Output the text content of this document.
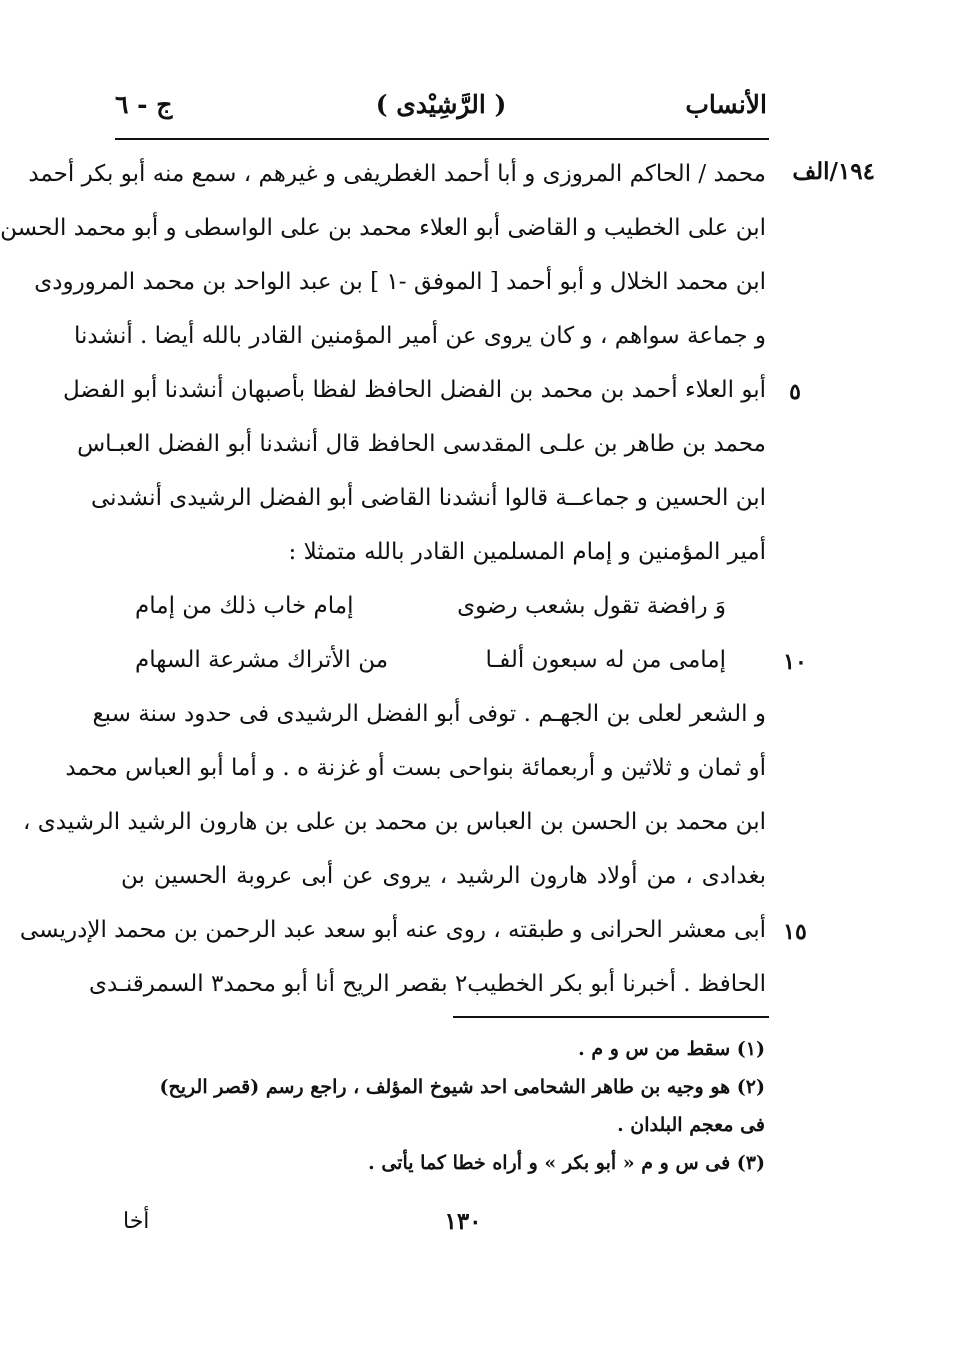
الأنساب
( الرَّشِيْدى )
ج - ٦
١٩٤/الف
محمد / الحاكم المروزى و أبا أحمد الغطريفى و غيرهم ، سمع منه أبو بكر أحمد
ابن على الخطيب و القاضى أبو العلاء محمد بن على الواسطى و أبو محمد الحسن
ابن محمد الخلال و أبو أحمد [ الموفق -١ ] بن عبد الواحد بن محمد المرورودى
و جماعة سواهم ، و كان يروى عن أمير المؤمنين القادر بالله أيضا . أنشدنا
أبو العلاء أحمد بن محمد بن الفضل الحافظ لفظا بأصبهان أنشدنا أبو الفضل
محمد بن طاهر بن علـى المقدسى الحافظ قال أنشدنا أبو الفضل العبـاس
ابن الحسين و جماعــة قالوا أنشدنا القاضى أبو الفضل الرشيدى أنشدنى
أمير المؤمنين و إمام المسلمين القادر بالله متمثلا :
وَ رافضة تقول بشعب رضوى
إمام خاب ذلك من إمام
إمامى من له سبعون ألفـا
من الأتراك مشرعة السهام
و الشعر لعلى بن الجهـم . توفى أبو الفضل الرشيدى فى حدود سنة سبع
أو ثمان و ثلاثين و أربعمائة بنواحى بست أو غزنة ه . و أما أبو العباس محمد
ابن محمد بن الحسن بن العباس بن محمد بن على بن هارون الرشيد الرشيدى ،
بغدادى ، من أولاد هارون الرشيد ، يروى عن أبى عروبة الحسين بن
أبى معشر الحرانى و طبقته ، روى عنه أبو سعد عبد الرحمن بن محمد الإدريسى
الحافظ . أخبرنا أبو بكر الخطيب٢ بقصر الريح أنا أبو محمد٣ السمرقنـدى
٥
١٠
١٥
(١) سقط من س و م .
(٢) هو وجيه بن طاهر الشحامى احد شيوخ المؤلف ، راجع رسم (قصر الريح)
فى معجم البلدان .
(٣) فى س و م « أبو بكر » و أراه خطا كما يأتى .
١٣٠
أخا
